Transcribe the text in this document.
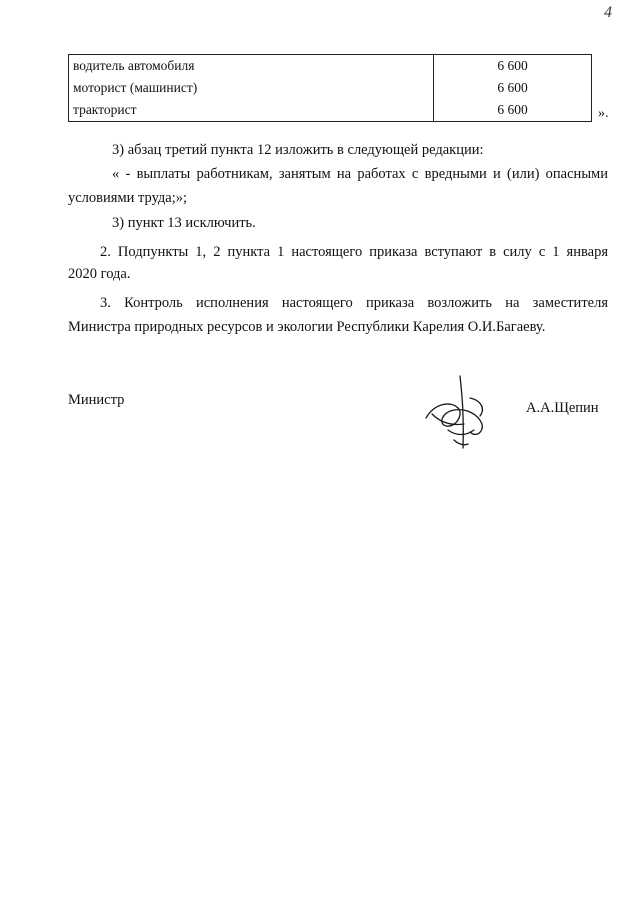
4
водитель автомобиля	6 600
моторист (машинист)	6 600
тракторист	6 600	».

3) абзац третий пункта 12 изложить в следующей редакции:

« - выплаты работникам, занятым на работах с вредными и (или) опасными

условиями труда;»;

3) пункт 13 исключить.

2. Подпункты 1, 2 пункта 1 настоящего приказа вступают в силу с 1 января

2020 года.

3. Контроль исполнения настоящего приказа возложить на заместителя

Министра природных ресурсов и экологии Республики Карелия О.И.Багаеву.

Министр	А.А.Щепин
